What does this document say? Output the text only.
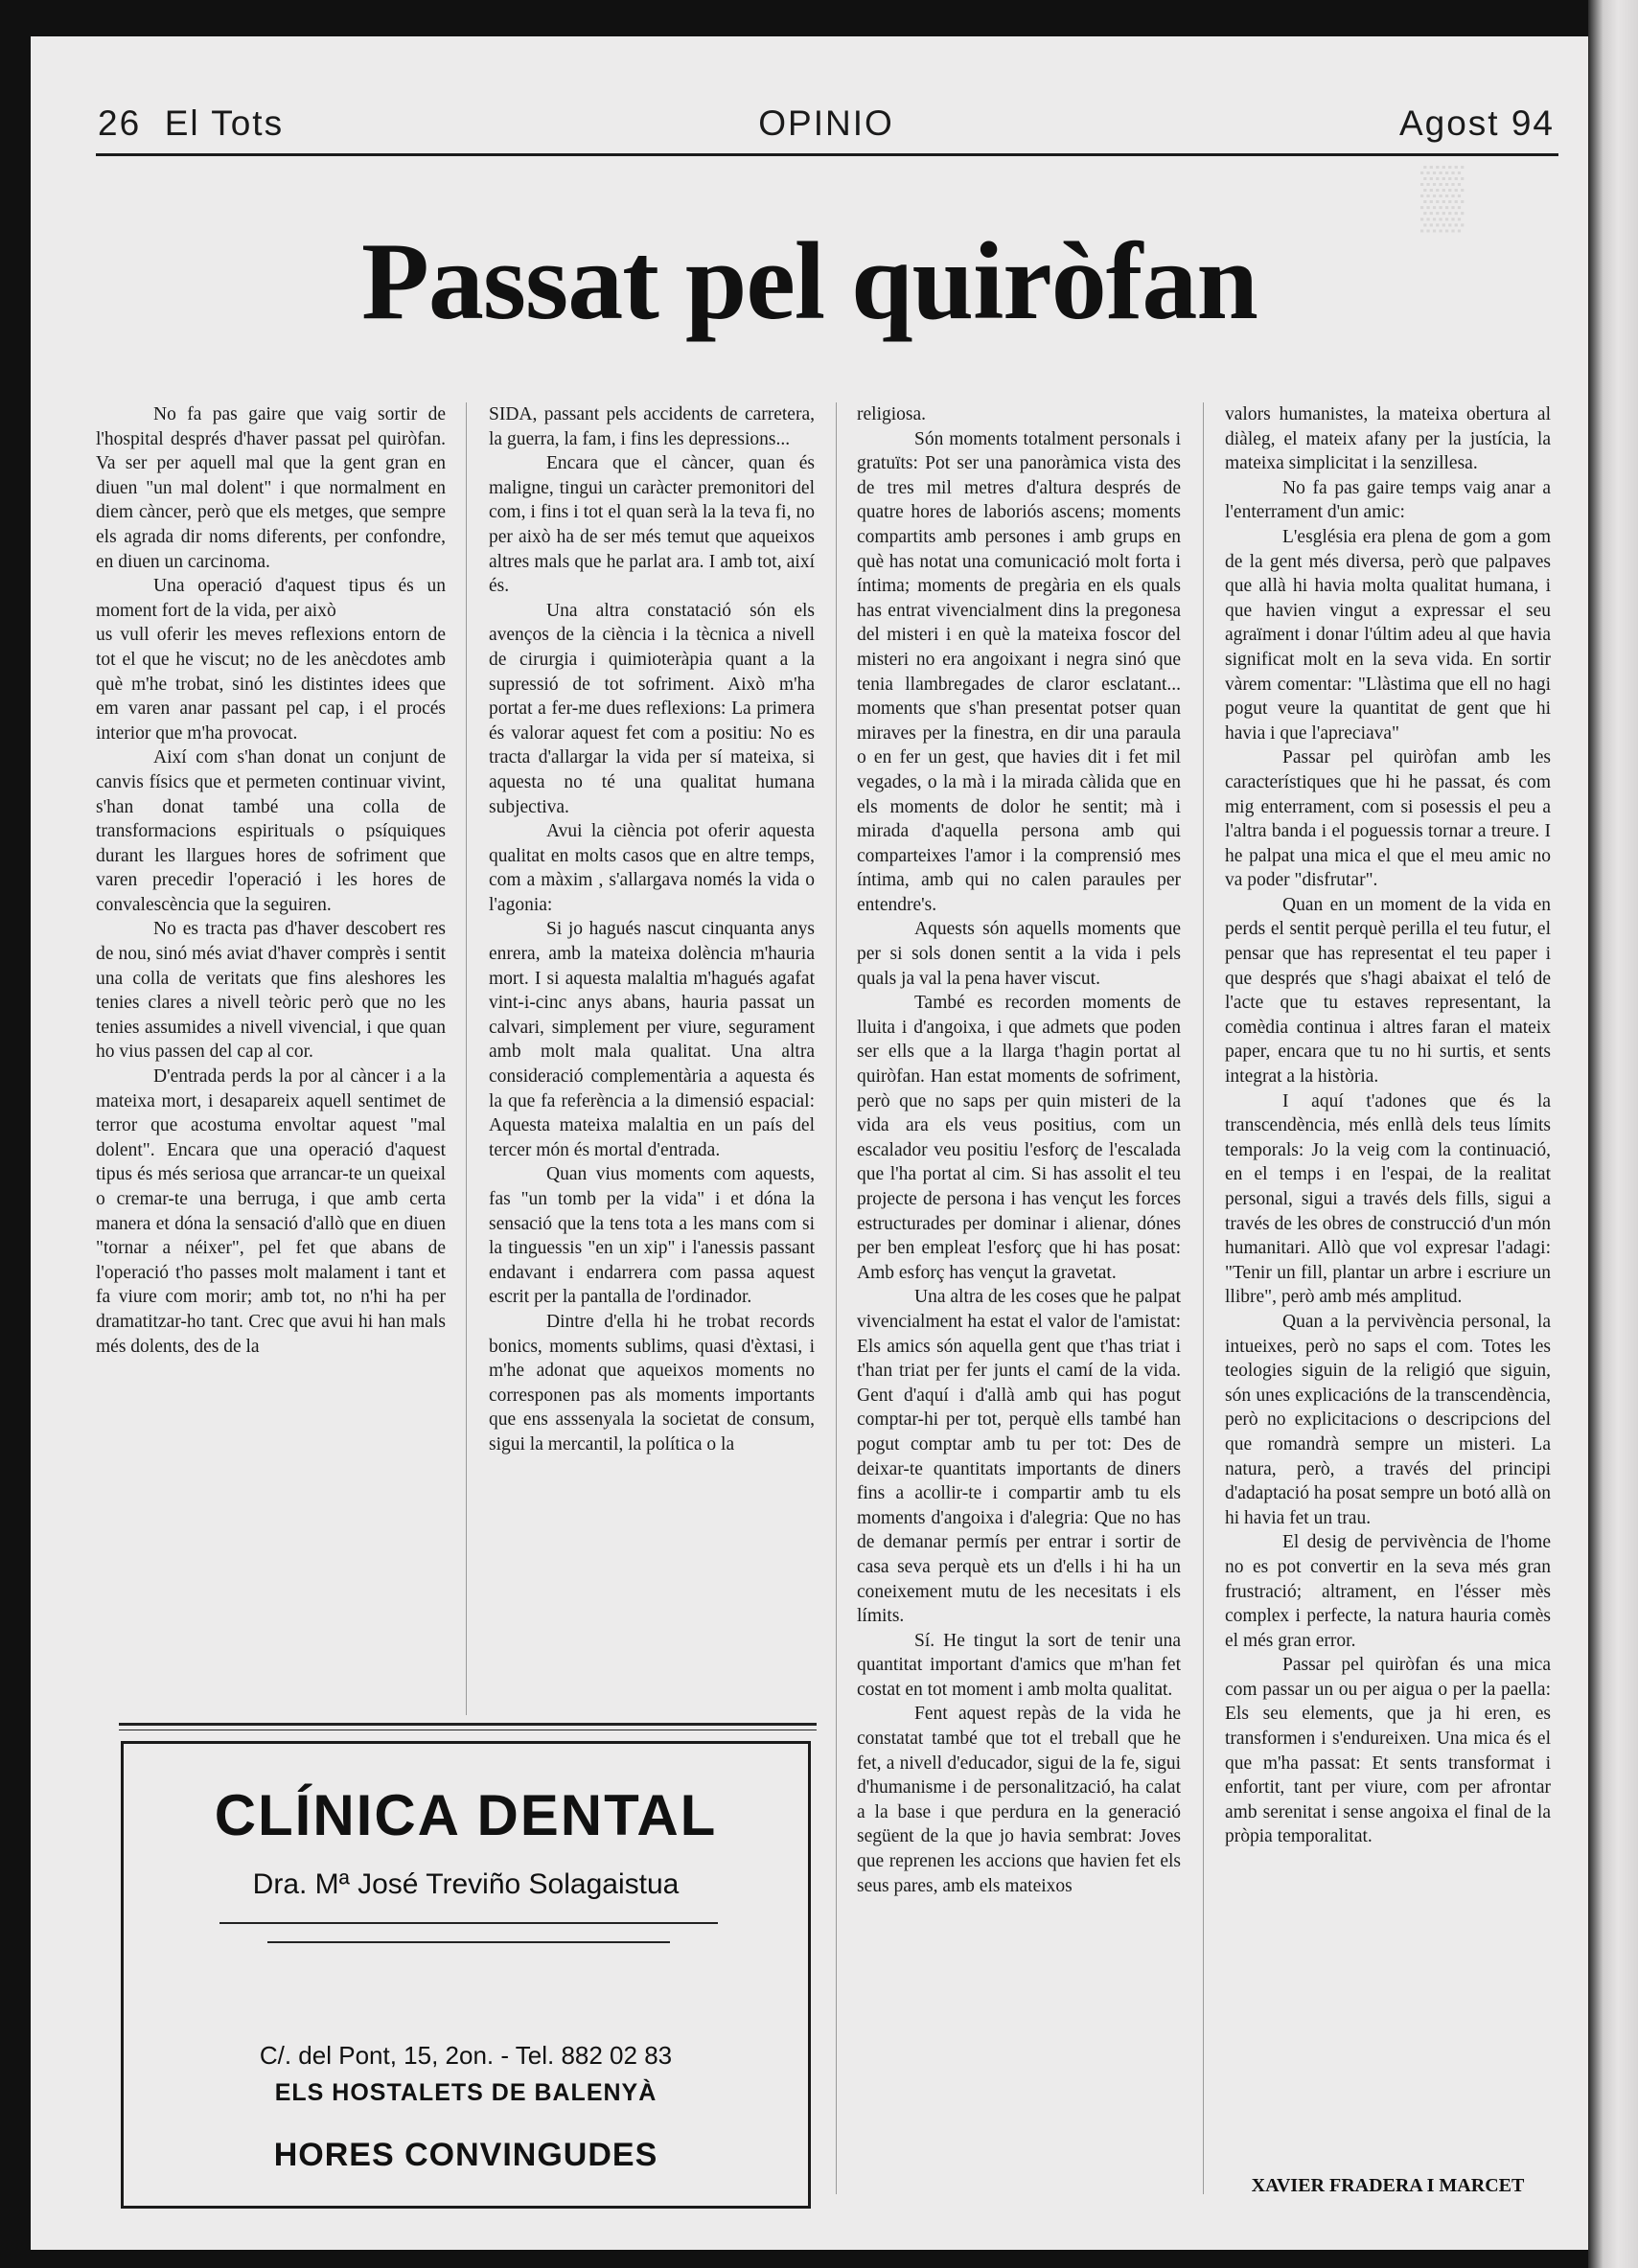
▒
26 El Tots	OPINIO	Agost 94
Passat pel quiròfan

No fa pas gaire que vaig sortir de l'hospital després d'haver passat pel quiròfan. Va ser per aquell mal que la gent gran en diuen "un mal dolent" i que normalment en diem càncer, però que els metges, que sempre els agrada dir noms diferents, per confondre, en diuen un carcinoma.

Una operació d'aquest tipus és un moment fort de la vida, per això

us vull oferir les meves reflexions entorn de tot el que he viscut; no de les anècdotes amb què m'he trobat, sinó les distintes idees que em varen anar passant pel cap, i el procés interior que m'ha provocat.

Així com s'han donat un conjunt de canvis físics que et permeten continuar vivint, s'han donat també una colla de transformacions espirituals o psíquiques durant les llargues hores de sofriment que varen precedir l'operació i les hores de convalescència que la seguiren.

No es tracta pas d'haver descobert res de nou, sinó més aviat d'haver comprès i sentit una colla de veritats que fins aleshores les tenies clares a nivell teòric però que no les tenies assumides a nivell vivencial, i que quan ho vius passen del cap al cor.

D'entrada perds la por al càncer i a la mateixa mort, i desapareix aquell sentimet de terror que acostuma envoltar aquest "mal dolent". Encara que una operació d'aquest tipus és més seriosa que arrancar-te un queixal o cremar-te una berruga, i que amb certa manera et dóna la sensació d'allò que en diuen "tornar a néixer", pel fet que abans de l'operació t'ho passes molt malament i tant et fa viure com morir; amb tot, no n'hi ha per dramatitzar-ho tant. Crec que avui hi han mals més dolents, des de la

SIDA, passant pels accidents de carretera, la guerra, la fam, i fins les depressions...

Encara que el càncer, quan és maligne, tingui un caràcter premonitori del com, i fins i tot el quan serà la la teva fi, no per això ha de ser més temut que aqueixos altres mals que he parlat ara. I amb tot, així és.

Una altra constatació són els avenços de la ciència i la tècnica a nivell de cirurgia i quimioteràpia quant a la supressió de tot sofriment. Això m'ha portat a fer-me dues reflexions: La primera és valorar aquest fet com a positiu: No es tracta d'allargar la vida per sí mateixa, si aquesta no té una qualitat humana subjectiva.

Avui la ciència pot oferir aquesta qualitat en molts casos que en altre temps, com a màxim , s'allargava només la vida o l'agonia:

Si jo hagués nascut cinquanta anys enrera, amb la mateixa dolència m'hauria mort. I si aquesta malaltia m'hagués agafat vint-i-cinc anys abans, hauria passat un calvari, simplement per viure, segurament amb molt mala qualitat. Una altra consideració complementària a aquesta és la que fa referència a la dimensió espacial: Aquesta mateixa malaltia en un país del tercer món és mortal d'entrada.

Quan vius moments com aquests, fas "un tomb per la vida" i et dóna la sensació que la tens tota a les mans com si la tinguessis "en un xip" i l'anessis passant endavant i endarrera com passa aquest escrit per la pantalla de l'ordinador.

Dintre d'ella hi he trobat records bonics, moments sublims, quasi d'èxtasi, i m'he adonat que aqueixos moments no corresponen pas als moments importants que ens asssenyala la societat de consum, sigui la mercantil, la política o la

religiosa.

Són moments totalment personals i gratuïts: Pot ser una panoràmica vista des de tres mil metres d'altura després de quatre hores de laboriós ascens; moments compartits amb persones i amb grups en què has notat una comunicació molt forta i íntima; moments de pregària en els quals has entrat vivencialment dins la pregonesa del misteri i en què la mateixa foscor del misteri no era angoixant i negra sinó que tenia llambregades de claror esclatant... moments que s'han presentat potser quan miraves per la finestra, en dir una paraula o en fer un gest, que havies dit i fet mil vegades, o la mà i la mirada càlida que en els moments de dolor he sentit; mà i mirada d'aquella persona amb qui comparteixes l'amor i la comprensió mes íntima, amb qui no calen paraules per entendre's.

Aquests són aquells moments que per si sols donen sentit a la vida i pels quals ja val la pena haver viscut.

També es recorden moments de lluita i d'angoixa, i que admets que poden ser ells que a la llarga t'hagin portat al quiròfan. Han estat moments de sofriment, però que no saps per quin misteri de la vida ara els veus positius, com un escalador veu positiu l'esforç de l'escalada que l'ha portat al cim. Si has assolit el teu projecte de persona i has vençut les forces estructurades per dominar i alienar, dónes per ben empleat l'esforç que hi has posat: Amb esforç has vençut la gravetat.

Una altra de les coses que he palpat vivencialment ha estat el valor de l'amistat: Els amics són aquella gent que t'has triat i t'han triat per fer junts el camí de la vida. Gent d'aquí i d'allà amb qui has pogut comptar-hi per tot, perquè ells també han pogut comptar amb tu per tot: Des de deixar-te quantitats importants de diners fins a acollir-te i compartir amb tu els moments d'angoixa i d'alegria: Que no has de demanar permís per entrar i sortir de casa seva perquè ets un d'ells i hi ha un coneixement mutu de les necesitats i els límits.

Sí. He tingut la sort de tenir una quantitat important d'amics que m'han fet costat en tot moment i amb molta qualitat.

Fent aquest repàs de la vida he constatat també que tot el treball que he fet, a nivell d'educador, sigui de la fe, sigui d'humanisme i de personalització, ha calat a la base i que perdura en la generació següent de la que jo havia sembrat: Joves que reprenen les accions que havien fet els seus pares, amb els mateixos

valors humanistes, la mateixa obertura al diàleg, el mateix afany per la justícia, la mateixa simplicitat i la senzillesa.

No fa pas gaire temps vaig anar a l'enterrament d'un amic:

L'església era plena de gom a gom de la gent més diversa, però que palpaves que allà hi havia molta qualitat humana, i que havien vingut a expressar el seu agraïment i donar l'últim adeu al que havia significat molt en la seva vida. En sortir vàrem comentar: "Llàstima que ell no hagi pogut veure la quantitat de gent que hi havia i que l'apreciava"

Passar pel quiròfan amb les característiques que hi he passat, és com mig enterrament, com si posessis el peu a l'altra banda i el poguessis tornar a treure. I he palpat una mica el que el meu amic no va poder "disfrutar".

Quan en un moment de la vida en perds el sentit perquè perilla el teu futur, el pensar que has representat el teu paper i que després que s'hagi abaixat el teló de l'acte que tu estaves representant, la comèdia continua i altres faran el mateix paper, encara que tu no hi surtis, et sents integrat a la història.

I aquí t'adones que és la transcendència, més enllà dels teus límits temporals: Jo la veig com la continuació, en el temps i en l'espai, de la realitat personal, sigui a través dels fills, sigui a través de les obres de construcció d'un món humanitari. Allò que vol expresar l'adagi: "Tenir un fill, plantar un arbre i escriure un llibre", però amb més amplitud.

Quan a la pervivència personal, la intueixes, però no saps el com. Totes les teologies siguin de la religió que siguin, són unes explicacións de la transcendència, però no explicitacions o descripcions del que romandrà sempre un misteri. La natura, però, a través del principi d'adaptació ha posat sempre un botó allà on hi havia fet un trau.

El desig de pervivència de l'home no es pot convertir en la seva més gran frustració; altrament, en l'ésser mès complex i perfecte, la natura hauria comès el més gran error.

Passar pel quiròfan és una mica com passar un ou per aigua o per la paella: Els seu elements, que ja hi eren, es transformen i s'endureixen. Una mica és el que m'ha passat: Et sents transformat i enfortit, tant per viure, com per afrontar amb serenitat i sense angoixa el final de la pròpia temporalitat.

XAVIER FRADERA I MARCET
CLÍNICA DENTAL
Dra. Mª José Treviño Solagaistua
C/. del Pont, 15, 2on. - Tel. 882 02 83
ELS HOSTALETS DE BALENYÀ
HORES CONVINGUDES
